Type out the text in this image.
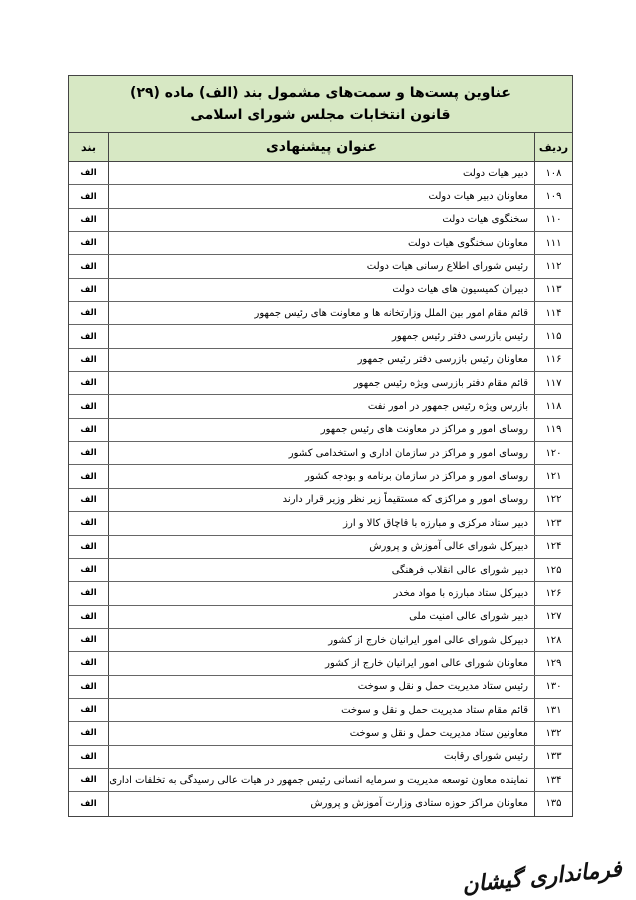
عناوین پست‌ها و سمت‌های مشمول بند (الف) ماده (۲۹)
قانون انتخابات مجلس شورای اسلامی
ردیف
عنوان پیشنهادی
بند
۱۰۸
دبیر هیات دولت
الف
۱۰۹
معاونان دبیر هیات دولت
الف
۱۱۰
سخنگوی هیات دولت
الف
۱۱۱
معاونان سخنگوی هیات دولت
الف
۱۱۲
رئیس شورای اطلاع رسانی هیات دولت
الف
۱۱۳
دبیران کمیسیون های هیات دولت
الف
۱۱۴
قائم مقام امور بین الملل وزارتخانه ها و معاونت های رئیس جمهور
الف
۱۱۵
رئیس بازرسی دفتر رئیس جمهور
الف
۱۱۶
معاونان رئیس بازرسی دفتر رئیس جمهور
الف
۱۱۷
قائم مقام دفتر بازرسی ویژه رئیس جمهور
الف
۱۱۸
بازرس ویژه رئیس جمهور در امور نفت
الف
۱۱۹
روسای امور و مراکز در معاونت های رئیس جمهور
الف
۱۲۰
روسای امور و مراکز در سازمان اداری و استخدامی کشور
الف
۱۲۱
روسای امور و مراکز در سازمان برنامه و بودجه کشور
الف
۱۲۲
روسای امور و مراکزی که مستقیماً زیر نظر وزیر قرار دارند
الف
۱۲۳
دبیر ستاد مرکزی و مبارزه با قاچاق کالا و ارز
الف
۱۲۴
دبیرکل شورای عالی آموزش و پرورش
الف
۱۲۵
دبیر شورای عالی انقلاب فرهنگی
الف
۱۲۶
دبیرکل ستاد مبارزه با مواد مخدر
الف
۱۲۷
دبیر شورای عالی امنیت ملی
الف
۱۲۸
دبیرکل شورای عالی امور ایرانیان خارج از کشور
الف
۱۲۹
معاونان شورای عالی امور ایرانیان خارج از کشور
الف
۱۳۰
رئیس ستاد مدیریت حمل و نقل و سوخت
الف
۱۳۱
قائم مقام ستاد مدیریت حمل و نقل و سوخت
الف
۱۳۲
معاونین ستاد مدیریت حمل و نقل و سوخت
الف
۱۳۳
رئیس شورای رقابت
الف
۱۳۴
نماینده معاون توسعه مدیریت و سرمایه انسانی رئیس جمهور در هیات عالی رسیدگی به تخلفات اداری
الف
۱۳۵
معاونان مراکز حوزه ستادی وزارت آموزش و پرورش
الف
فرمانداری گیشان
